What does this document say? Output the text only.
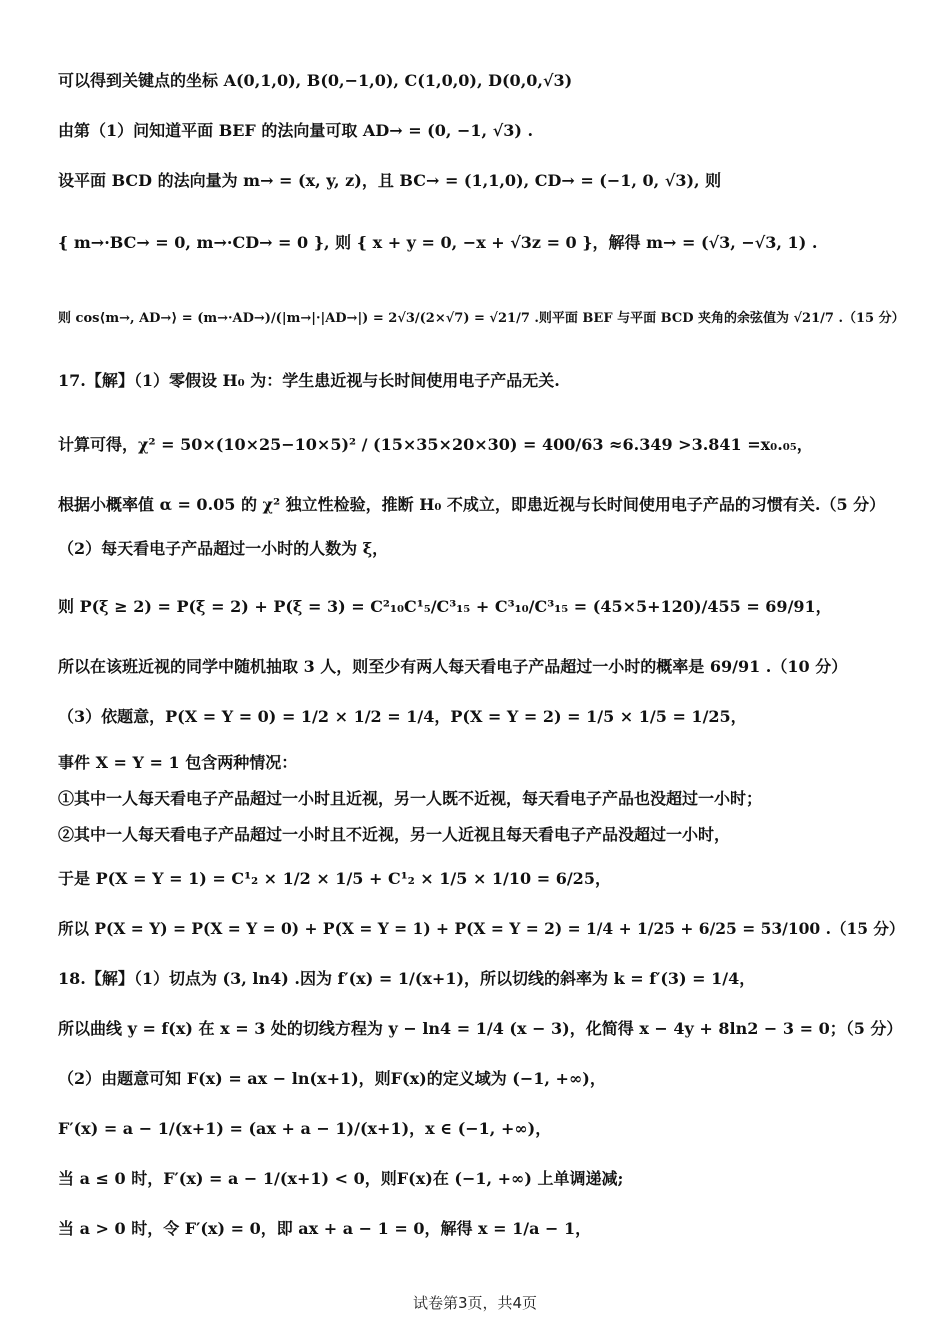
可以得到关键点的坐标 A(0,1,0), B(0,−1,0), C(1,0,0), D(0,0,√3)
由第（1）问知道平面 BEF 的法向量可取 AD→ = (0, −1, √3) .
设平面 BCD 的法向量为 m→ = (x, y, z)，且 BC→ = (1,1,0), CD→ = (−1, 0, √3), 则
{ m→·BC→ = 0, m→·CD→ = 0 }, 则 { x + y = 0, −x + √3z = 0 }，解得 m→ = (√3, −√3, 1) .
则 cos⟨m→, AD→⟩ = (m→·AD→)/(|m→|·|AD→|) = 2√3/(2×√7) = √21/7 .则平面 BEF 与平面 BCD 夹角的余弦值为 √21/7 .（15 分）
17.【解】（1）零假设 H₀ 为：学生患近视与长时间使用电子产品无关.
计算可得，χ² = 50×(10×25−10×5)² / (15×35×20×30) = 400/63 ≈6.349 >3.841 =x₀.₀₅，
根据小概率值 α = 0.05 的 χ² 独立性检验，推断 H₀ 不成立，即患近视与长时间使用电子产品的习惯有关.（5 分）
（2）每天看电子产品超过一小时的人数为 ξ，
则 P(ξ ≥ 2) = P(ξ = 2) + P(ξ = 3) = C²₁₀C¹₅/C³₁₅ + C³₁₀/C³₁₅ = (45×5+120)/455 = 69/91，
所以在该班近视的同学中随机抽取 3 人，则至少有两人每天看电子产品超过一小时的概率是 69/91 .（10 分）
（3）依题意，P(X = Y = 0) = 1/2 × 1/2 = 1/4，P(X = Y = 2) = 1/5 × 1/5 = 1/25，
事件 X = Y = 1 包含两种情况：
①其中一人每天看电子产品超过一小时且近视，另一人既不近视，每天看电子产品也没超过一小时；
②其中一人每天看电子产品超过一小时且不近视，另一人近视且每天看电子产品没超过一小时，
于是 P(X = Y = 1) = C¹₂ × 1/2 × 1/5 + C¹₂ × 1/5 × 1/10 = 6/25，
所以 P(X = Y) = P(X = Y = 0) + P(X = Y = 1) + P(X = Y = 2) = 1/4 + 1/25 + 6/25 = 53/100 .（15 分）
18.【解】（1）切点为 (3, ln4) .因为 f′(x) = 1/(x+1)，所以切线的斜率为 k = f′(3) = 1/4，
所以曲线 y = f(x) 在 x = 3 处的切线方程为 y − ln4 = 1/4 (x − 3)，化简得 x − 4y + 8ln2 − 3 = 0；（5 分）
（2）由题意可知 F(x) = ax − ln(x+1)，则F(x)的定义域为 (−1, +∞)，
F′(x) = a − 1/(x+1) = (ax + a − 1)/(x+1)，x ∈ (−1, +∞)，
当 a ≤ 0 时，F′(x) = a − 1/(x+1) < 0，则F(x)在 (−1, +∞) 上单调递减;
当 a > 0 时，令 F′(x) = 0，即 ax + a − 1 = 0，解得 x = 1/a − 1，
试卷第3页，共4页
